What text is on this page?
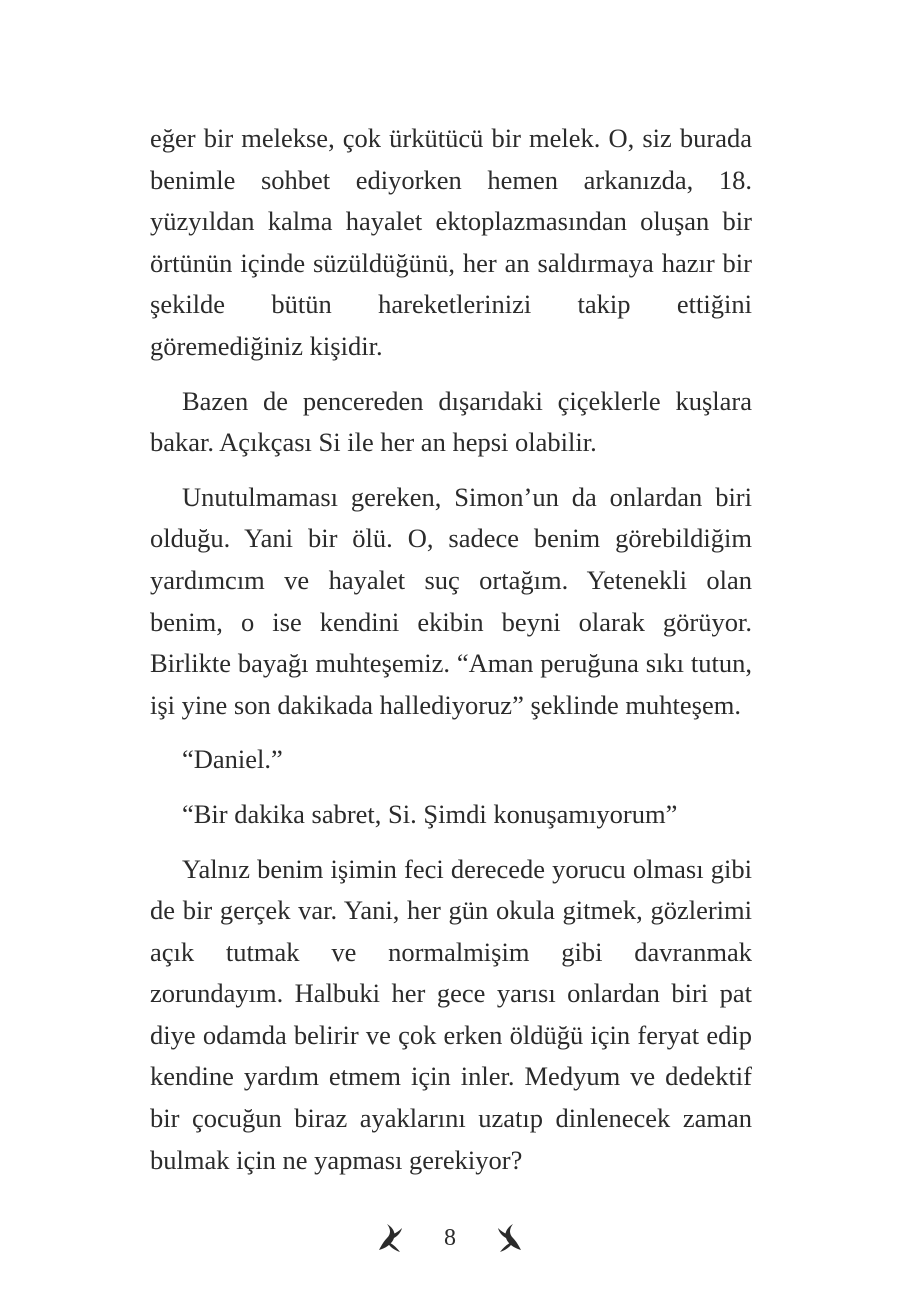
eğer bir melekse, çok ürkütücü bir melek. O, siz burada benimle sohbet ediyorken hemen arkanızda, 18. yüzyıldan kalma hayalet ektoplazmasından oluşan bir örtünün içinde süzüldüğünü, her an saldırmaya hazır bir şekilde bütün hareketlerinizi takip ettiğini göremediğiniz kişidir.

Bazen de pencereden dışarıdaki çiçeklerle kuşlara bakar. Açıkçası Si ile her an hepsi olabilir.

Unutulmaması gereken, Simon’un da onlardan biri olduğu. Yani bir ölü. O, sadece benim görebildiğim yardımcım ve hayalet suç ortağım. Yetenekli olan benim, o ise kendini ekibin beyni olarak görüyor. Birlikte bayağı muhteşemiz. “Aman peruğuna sıkı tutun, işi yine son dakikada hallediyoruz” şeklinde muhteşem.

“Daniel.”

“Bir dakika sabret, Si. Şimdi konuşamıyorum”

Yalnız benim işimin feci derecede yorucu olması gibi de bir gerçek var. Yani, her gün okula gitmek, gözlerimi açık tutmak ve normalmişim gibi davranmak zorundayım. Halbuki her gece yarısı onlardan biri pat diye odamda belirir ve çok erken öldüğü için feryat edip kendine yardım etmem için inler. Medyum ve dedektif bir çocuğun biraz ayaklarını uzatıp dinlenecek zaman bulmak için ne yapması gerekiyor?

8
